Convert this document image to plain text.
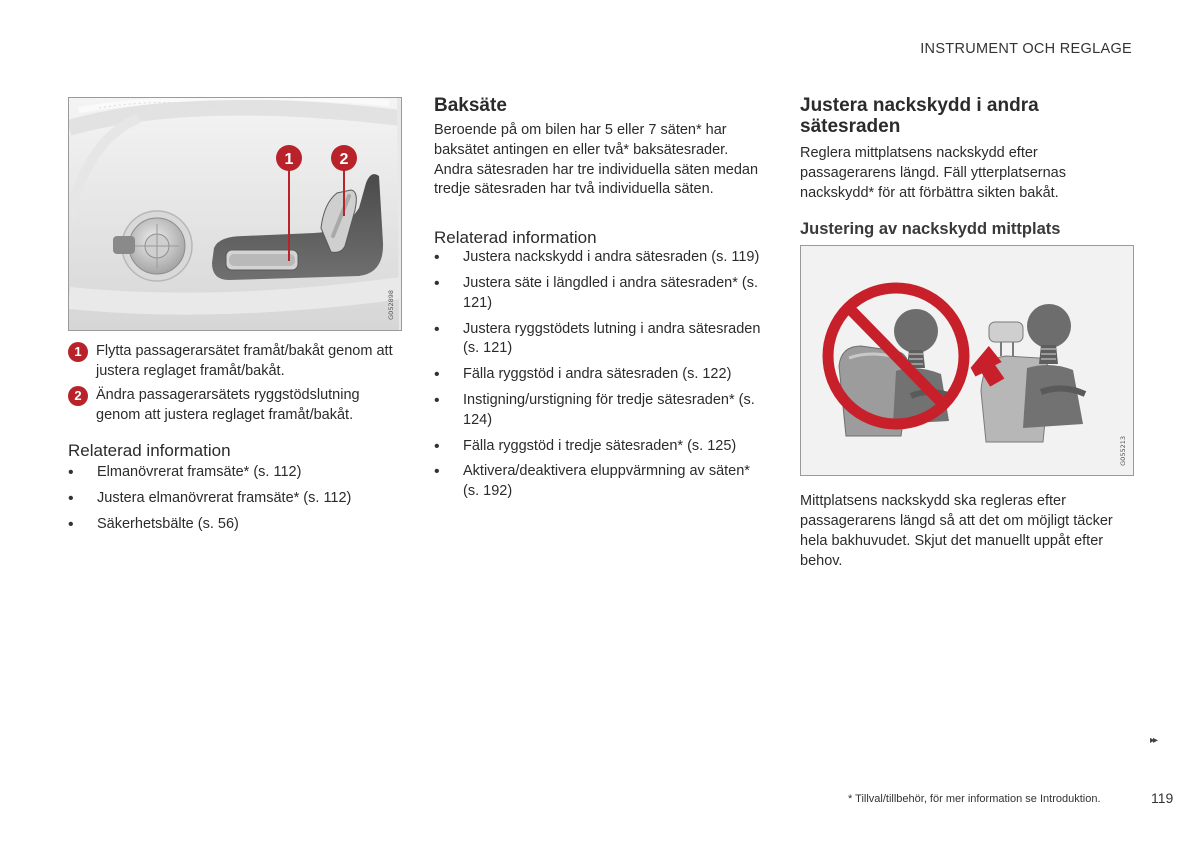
INSTRUMENT OCH REGLAGE
1	2
G052898
1 Flytta passagerarsätet framåt/bakåt genom att justera reglaget framåt/bakåt.
2 Ändra passagerarsätets ryggstödslutning genom att justera reglaget framåt/bakåt.
Relaterad information
• Elmanövrerat framsäte* (s. 112)
• Justera elmanövrerat framsäte* (s. 112)
• Säkerhetsbälte (s. 56)
Baksäte

Beroende på om bilen har 5 eller 7 säten* har baksätet antingen en eller två* baksätesrader. Andra sätesraden har tre individuella säten medan tredje sätesraden har två individuella säten.

Relaterad information
• Justera nackskydd i andra sätesraden (s. 119)
• Justera säte i längdled i andra sätesraden* (s. 121)
• Justera ryggstödets lutning i andra sätesraden (s. 121)
• Fälla ryggstöd i andra sätesraden (s. 122)
• Instigning/urstigning för tredje sätesraden* (s. 124)
• Fälla ryggstöd i tredje sätesraden* (s. 125)
• Aktivera/deaktivera eluppvärmning av säten* (s. 192)
Justera nackskydd i andra sätesraden

Reglera mittplatsens nackskydd efter passagerarens längd. Fäll ytterplatsernas nackskydd* för att förbättra sikten bakåt.

Justering av nackskydd mittplats
G055213

Mittplatsens nackskydd ska regleras efter passagerarens längd så att det om möjligt täcker hela bakhuvudet. Skjut det manuellt uppåt efter behov.

▸▸
* Tillval/tillbehör, för mer information se Introduktion.	119
